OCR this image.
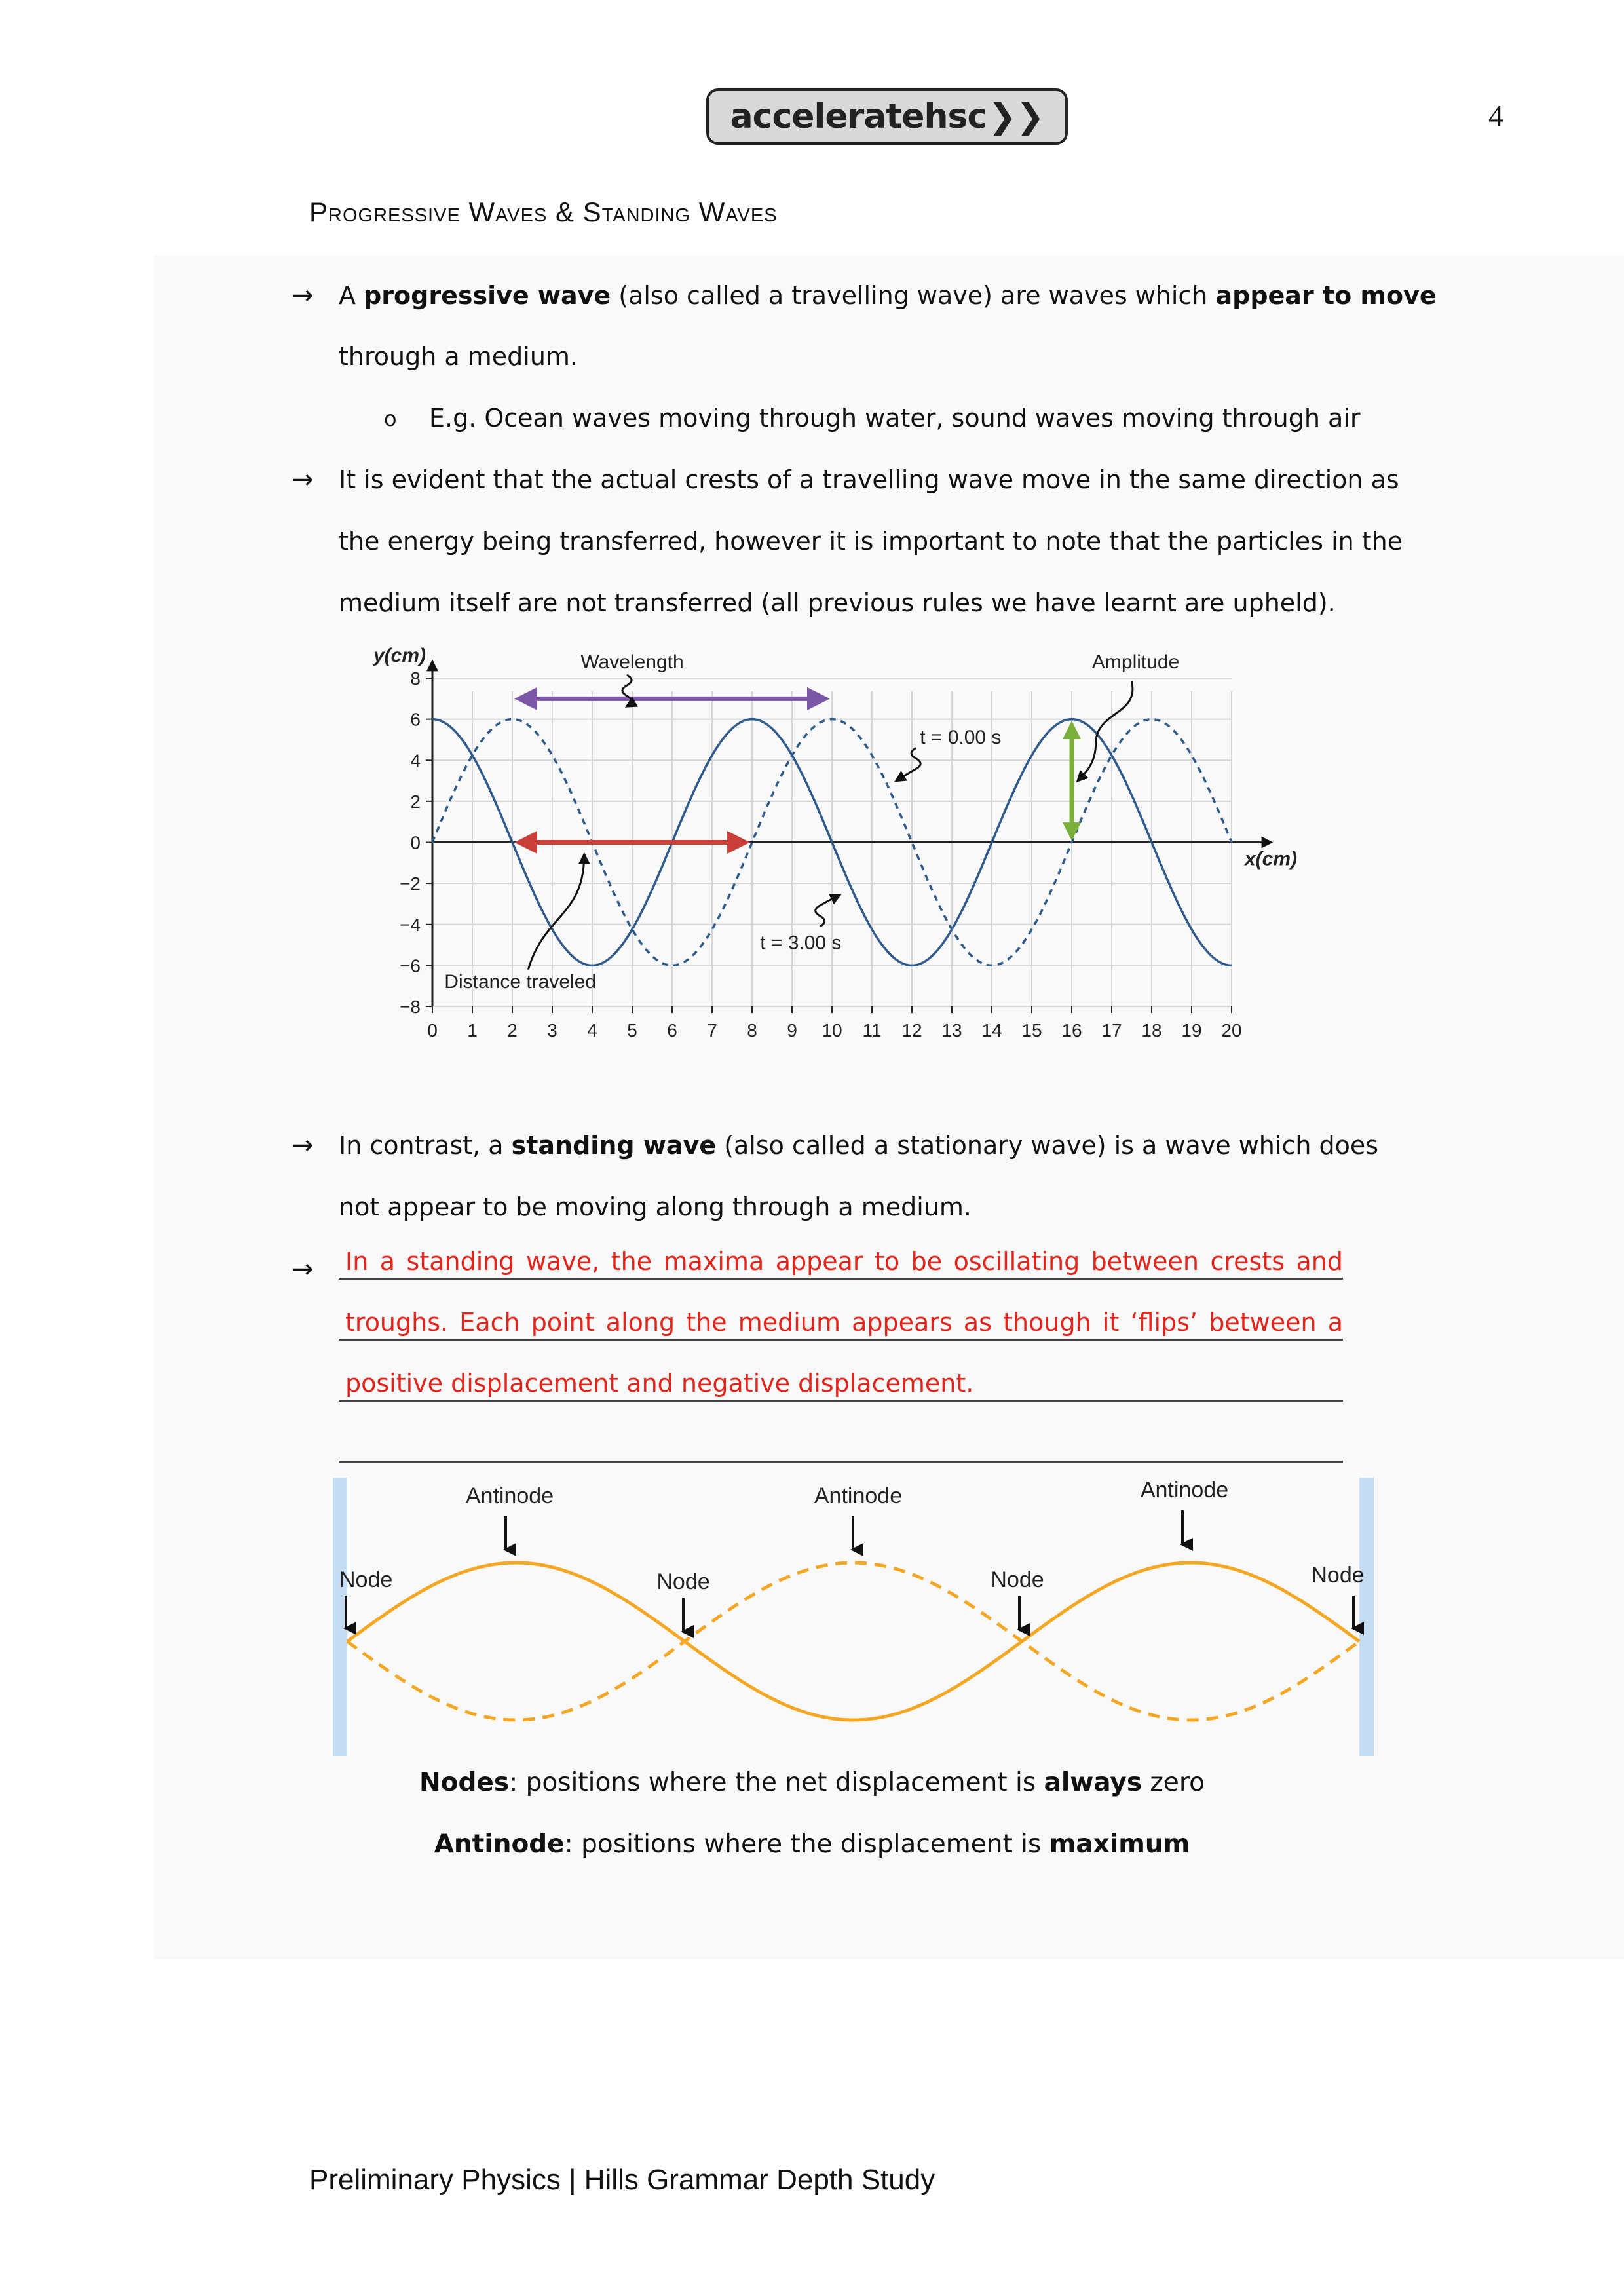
acceleratehsc ❯❯	4
Progressive Waves & Standing Waves
→ A progressive wave (also called a travelling wave) are waves which appear to move
through a medium.
o E.g. Ocean waves moving through water, sound waves moving through air
→ It is evident that the actual crests of a travelling wave move in the same direction as
the energy being transferred, however it is important to note that the particles in the
medium itself are not transferred (all previous rules we have learnt are upheld).
0 1 2 3 4 5 6 7 8 9 10 11 12 13 14 15 16 17 18 19 20
8
6
4
2
0
−2
−4
−6
−8
y(cm)
x(cm)
Wavelength
Distance traveled
Amplitude
t = 0.00 s
t = 3.00 s
→ In contrast, a standing wave (also called a stationary wave) is a wave which does
not appear to be moving along through a medium.
→ In a standing wave, the maxima appear to be oscillating between crests and
troughs. Each point along the medium appears as though it ‘flips’ between a
positive displacement and negative displacement.
Antinode	Antinode	Antinode
Node	Node	Node	Node
Nodes: positions where the net displacement is always zero
Antinode: positions where the displacement is maximum
Preliminary Physics | Hills Grammar Depth Study
